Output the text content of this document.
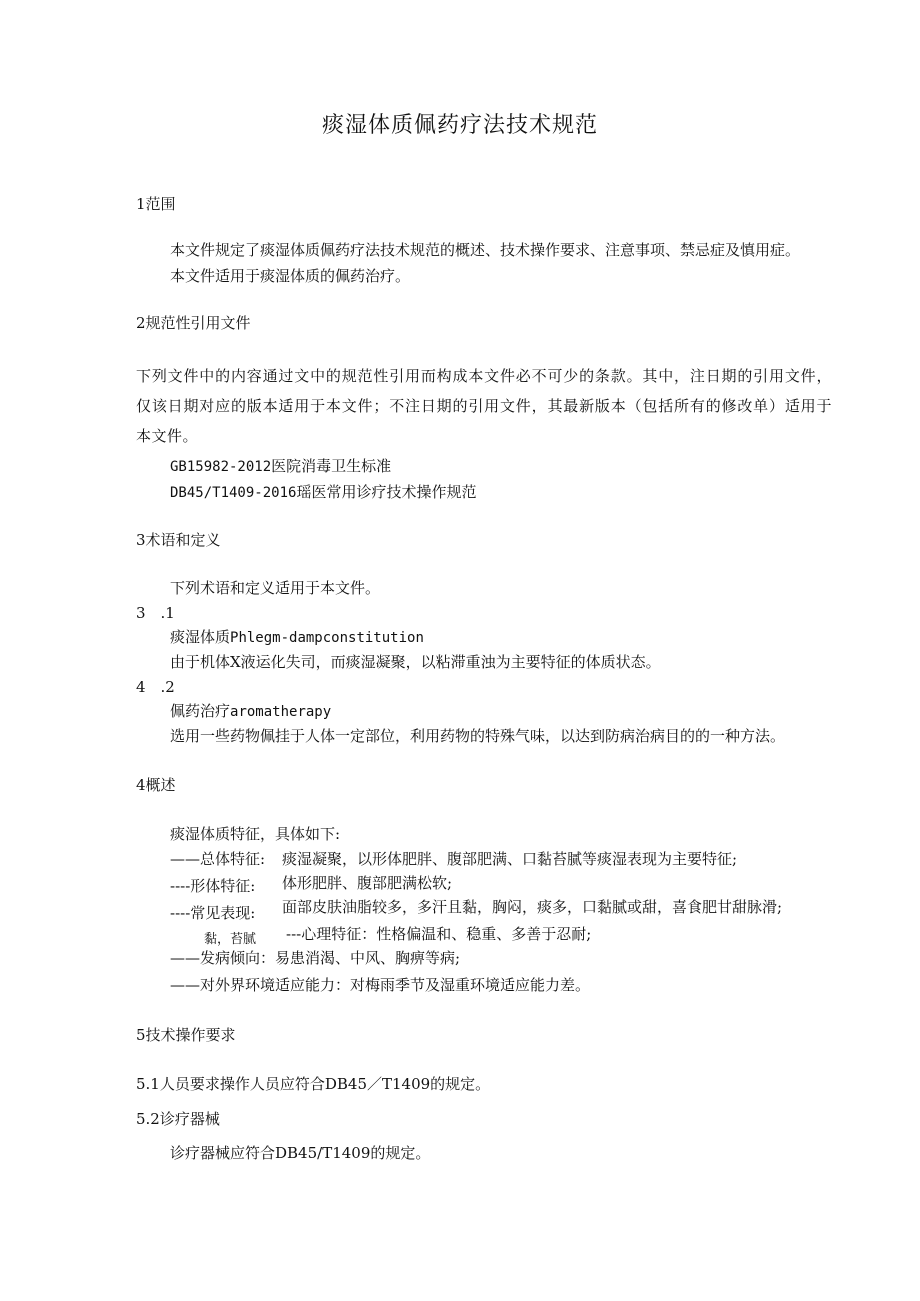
痰湿体质佩药疗法技术规范
1范围
本文件规定了痰湿体质佩药疗法技术规范的概述、技术操作要求、注意事项、禁忌症及慎用症。
本文件适用于痰湿体质的佩药治疗。
2规范性引用文件
下列文件中的内容通过文中的规范性引用而构成本文件必不可少的条款。其中，注日期的引用文件，仅该日期对应的版本适用于本文件；不注日期的引用文件，其最新版本（包括所有的修改单）适用于本文件。
GB15982-2012医院消毒卫生标准
DB45/T1409-2016瑶医常用诊疗技术操作规范
3术语和定义
下列术语和定义适用于本文件。
3　.1
痰湿体质Phlegm-dampconstitution
由于机体X液运化失司，而痰湿凝聚，以粘滞重浊为主要特征的体质状态。
4　.2
佩药治疗aromatherapy
选用一些药物佩挂于人体一定部位，利用药物的特殊气味，以达到防病治病目的的一种方法。
4概述
痰湿体质特征，具体如下:
——总体特征: 痰湿凝聚，以形体肥胖、腹部肥满、口黏苔腻等痰湿表现为主要特征;
----形体特征: 体形肥胖、腹部肥满松软;
----常见表现: 面部皮肤油脂较多，多汗且黏，胸闷，痰多，口黏腻或甜，喜食肥甘甜脉滑;
黏，苔腻 ---心理特征：性格偏温和、稳重、多善于忍耐;
——发病倾向：易患消渴、中风、胸痹等病;
——对外界环境适应能力：对梅雨季节及湿重环境适应能力差。
5技术操作要求
5.1人员要求操作人员应符合DB45／T1409的规定。
5.2诊疗器械
诊疗器械应符合DB45/T1409的规定。
